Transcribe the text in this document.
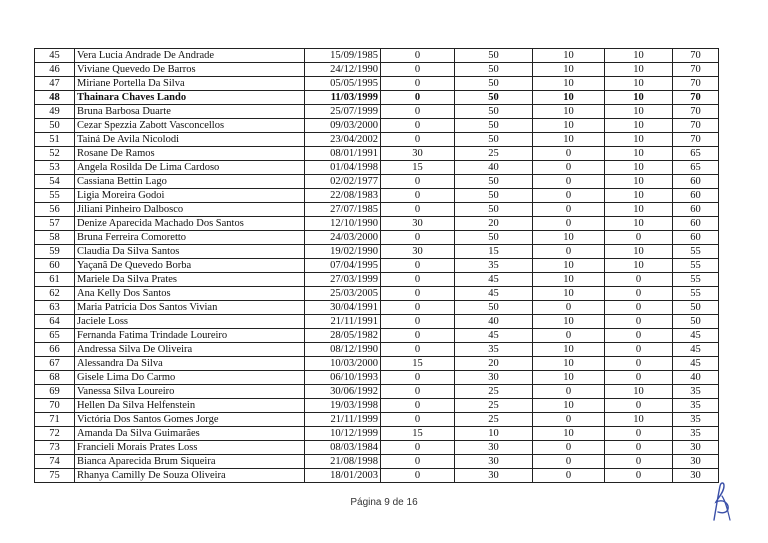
45	Vera Lucia Andrade De Andrade	15/09/1985	0	50	10	10	70
46	Viviane Quevedo De Barros	24/12/1990	0	50	10	10	70
47	Miriane Portella Da Silva	05/05/1995	0	50	10	10	70
48	Thainara Chaves Lando	11/03/1999	0	50	10	10	70
49	Bruna Barbosa Duarte	25/07/1999	0	50	10	10	70
50	Cezar Spezzia Zabott Vasconcellos	09/03/2000	0	50	10	10	70
51	Tainá De Avila Nicolodi	23/04/2002	0	50	10	10	70
52	Rosane De Ramos	08/01/1991	30	25	0	10	65
53	Angela Rosilda De Lima Cardoso	01/04/1998	15	40	0	10	65
54	Cassiana Bettin Lago	02/02/1977	0	50	0	10	60
55	Ligia Moreira Godoi	22/08/1983	0	50	0	10	60
56	Jiliani Pinheiro Dalbosco	27/07/1985	0	50	0	10	60
57	Denize Aparecida Machado Dos Santos	12/10/1990	30	20	0	10	60
58	Bruna Ferreira Comoretto	24/03/2000	0	50	10	0	60
59	Claudia Da Silva Santos	19/02/1990	30	15	0	10	55
60	Yaçanã De Quevedo Borba	07/04/1995	0	35	10	10	55
61	Mariele Da Silva Prates	27/03/1999	0	45	10	0	55
62	Ana Kelly Dos Santos	25/03/2005	0	45	10	0	55
63	Maria Patricia Dos Santos Vivian	30/04/1991	0	50	0	0	50
64	Jaciele Loss	21/11/1991	0	40	10	0	50
65	Fernanda Fatima Trindade Loureiro	28/05/1982	0	45	0	0	45
66	Andressa Silva De Oliveira	08/12/1990	0	35	10	0	45
67	Alessandra Da Silva	10/03/2000	15	20	10	0	45
68	Gisele Lima Do Carmo	06/10/1993	0	30	10	0	40
69	Vanessa Silva Loureiro	30/06/1992	0	25	0	10	35
70	Hellen Da Silva Helfenstein	19/03/1998	0	25	10	0	35
71	Victória Dos Santos Gomes Jorge	21/11/1999	0	25	0	10	35
72	Amanda Da Silva Guimarães	10/12/1999	15	10	10	0	35
73	Francieli Morais Prates Loss	08/03/1984	0	30	0	0	30
74	Bianca Aparecida Brum Siqueira	21/08/1998	0	30	0	0	30
75	Rhanya Camilly De Souza Oliveira	18/01/2003	0	30	0	0	30
Página 9 de 16
